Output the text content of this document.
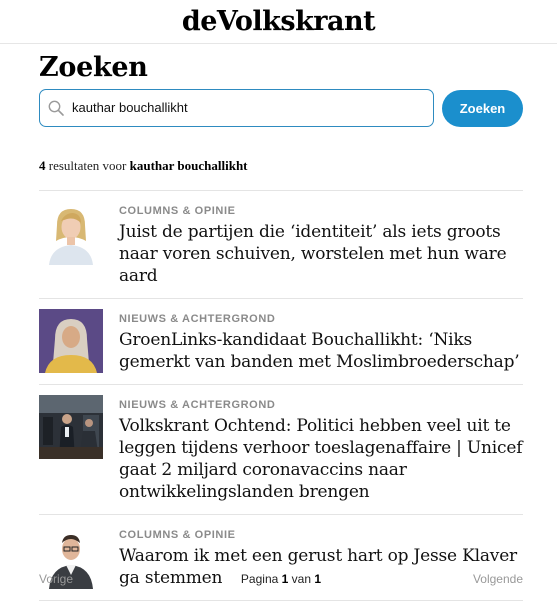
deVolkskrant
Zoeken
kauthar bouchallikht
Zoeken
4 resultaten voor kauthar bouchallikht
COLUMNS & OPINIE
Juist de partijen die ‘identiteit’ als iets groots naar voren schuiven, worstelen met hun ware aard
NIEUWS & ACHTERGROND
GroenLinks-kandidaat Bouchallikht: ‘Niks gemerkt van banden met Moslimbroederschap’
NIEUWS & ACHTERGROND
Volkskrant Ochtend: Politici hebben veel uit te leggen tijdens verhoor toeslagenaffaire | Unicef gaat 2 miljard coronavaccins naar ontwikkelingslanden brengen
COLUMNS & OPINIE
Waarom ik met een gerust hart op Jesse Klaver ga stemmen
Vorige	Pagina 1 van 1	Volgende
